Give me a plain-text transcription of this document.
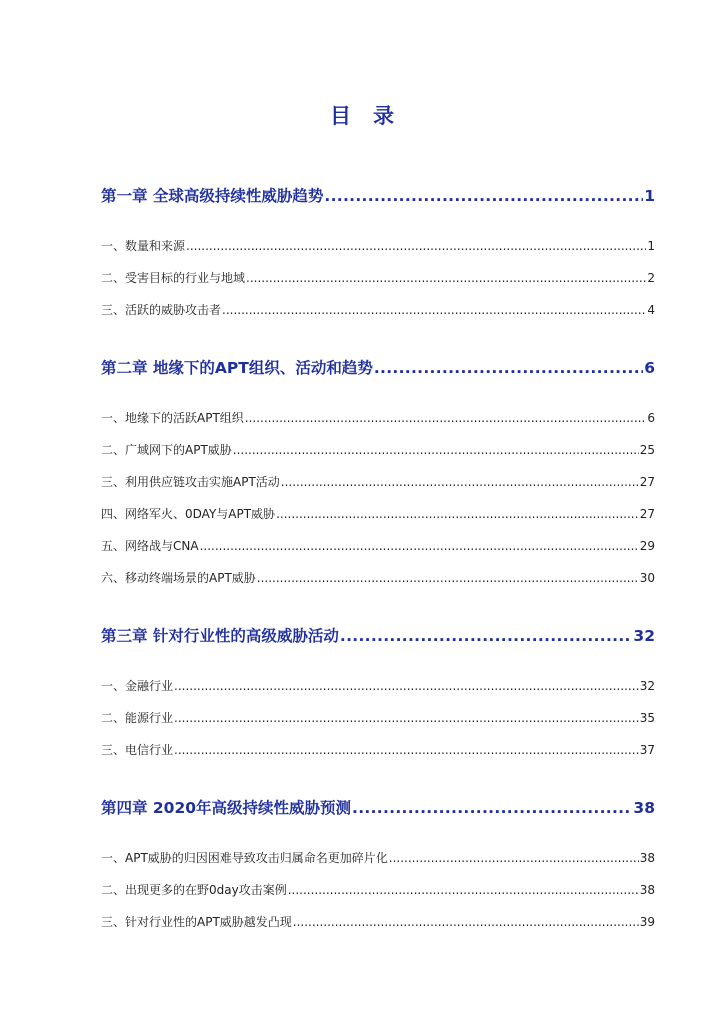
目 录
第一章 全球高级持续性威胁趋势 .....	1
一、数量和来源 .....	1
二、受害目标的行业与地域 .....	2
三、活跃的威胁攻击者 .....	4
第二章 地缘下的APT组织、活动和趋势 .....	6
一、地缘下的活跃APT组织 .....	6
二、广域网下的APT威胁 .....	25
三、利用供应链攻击实施APT活动 .....	27
四、网络军火、0DAY与APT威胁 .....	27
五、网络战与CNA .....	29
六、移动终端场景的APT威胁 .....	30
第三章 针对行业性的高级威胁活动 .....	32
一、金融行业 .....	32
二、能源行业 .....	35
三、电信行业 .....	37
第四章 2020年高级持续性威胁预测 .....	38
一、APT威胁的归因困难导致攻击归属命名更加碎片化 .....	38
二、出现更多的在野0day攻击案例 .....	38
三、针对行业性的APT威胁越发凸现 .....	39
